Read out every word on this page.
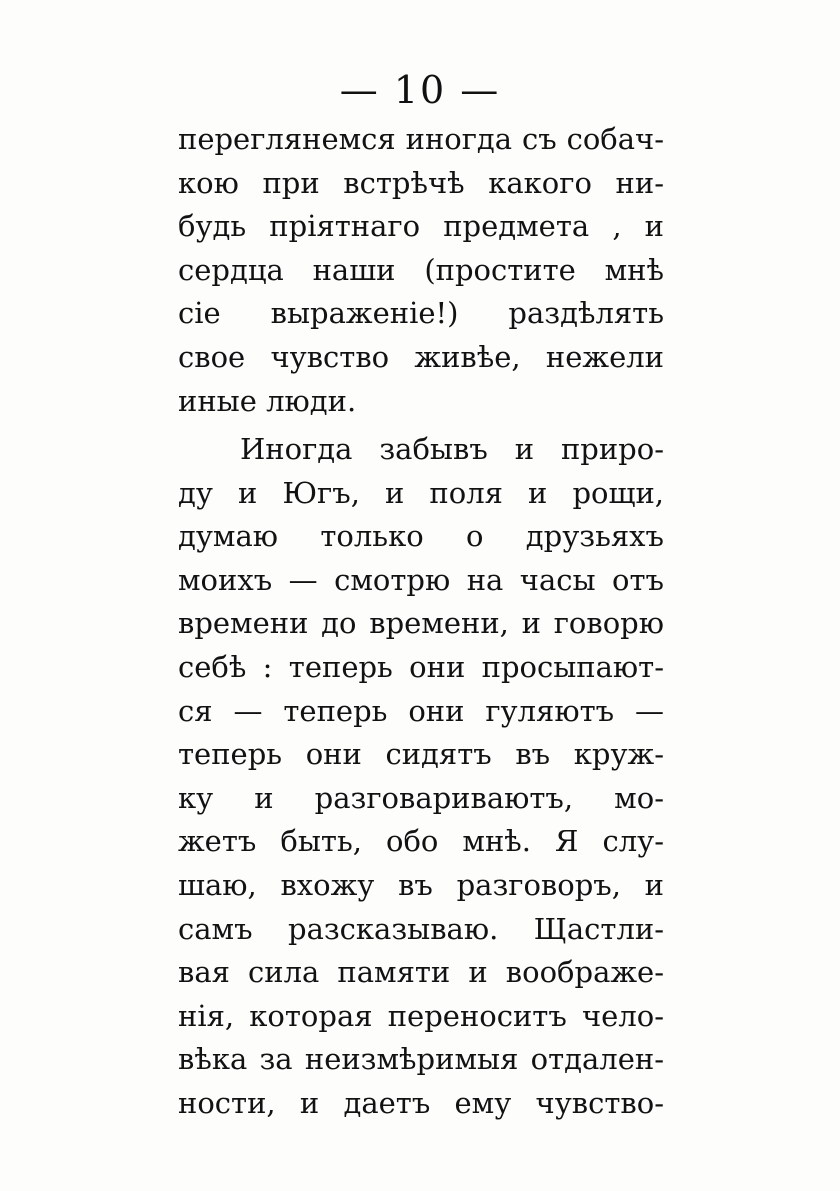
— 10 —
переглянемся иногда съ собач-
кою при встрѣчѣ какого ни-
будь пріятнаго предмета , и
сердца наши (простите мнѣ
сіе выраженіе!) раздѣлять
свое чувство живѣе, нежели
иные люди.
Иногда забывъ и приро-
ду и Югъ, и поля и рощи,
думаю только о друзьяхъ
моихъ — смотрю на часы отъ
времени до времени, и говорю
себѣ : теперь они просыпают-
ся — теперь они гуляютъ —
теперь они сидятъ въ круж-
ку и разговариваютъ, мо-
жетъ быть, обо мнѣ. Я слу-
шаю, вхожу въ разговоръ, и
самъ разсказываю. Щастли-
вая сила памяти и воображе-
нія, которая переноситъ чело-
вѣка за неизмѣримыя отдален-
ности, и даетъ ему чувство-
